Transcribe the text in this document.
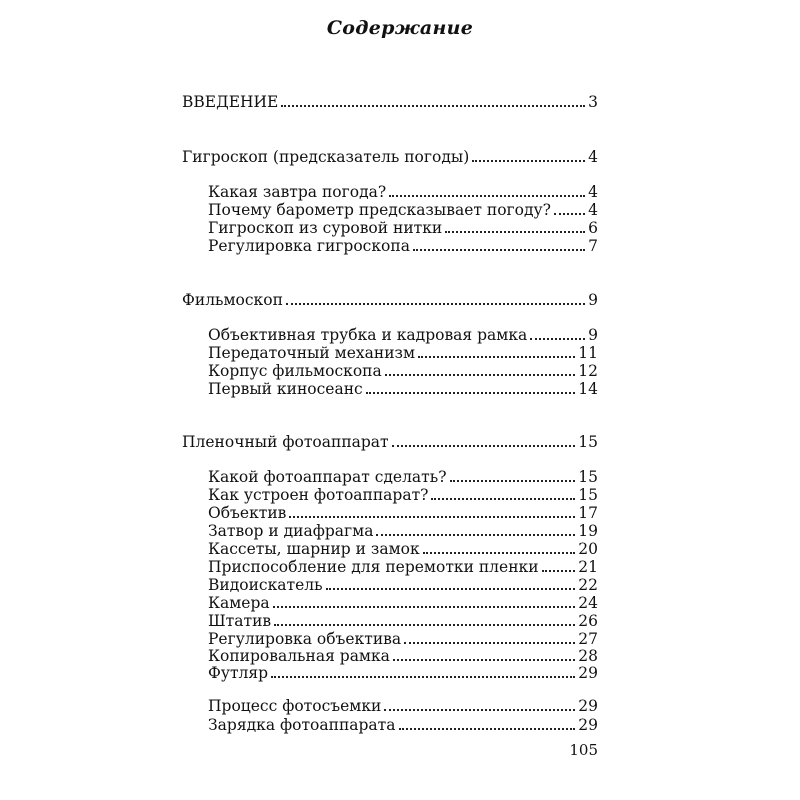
Содержание
ВВЕДЕНИЕ	3
Гигроскоп (предсказатель погоды)	4
Какая завтра погода?	4
Почему барометр предсказывает погоду? 4
Гигроскоп из суровой нитки	6
Регулировка гигроскопа	7
Фильмоскоп	9
Объективная трубка и кадровая рамка	9
Передаточный механизм	11
Корпус фильмоскопа	12
Первый киносеанс	14
Пленочный фотоаппарат	15
Какой фотоаппарат сделать?	15
Как устроен фотоаппарат?	15
Объектив	17
Затвор и диафрагма	19
Кассеты, шарнир и замок	20
Приспособление для перемотки пленки	21
Видоискатель	22
Камера	24
Штатив	26
Регулировка объектива	27
Копировальная рамка	28
Футляр	29
Процесс фотосъемки	29
Зарядка фотоаппарата	29
105
